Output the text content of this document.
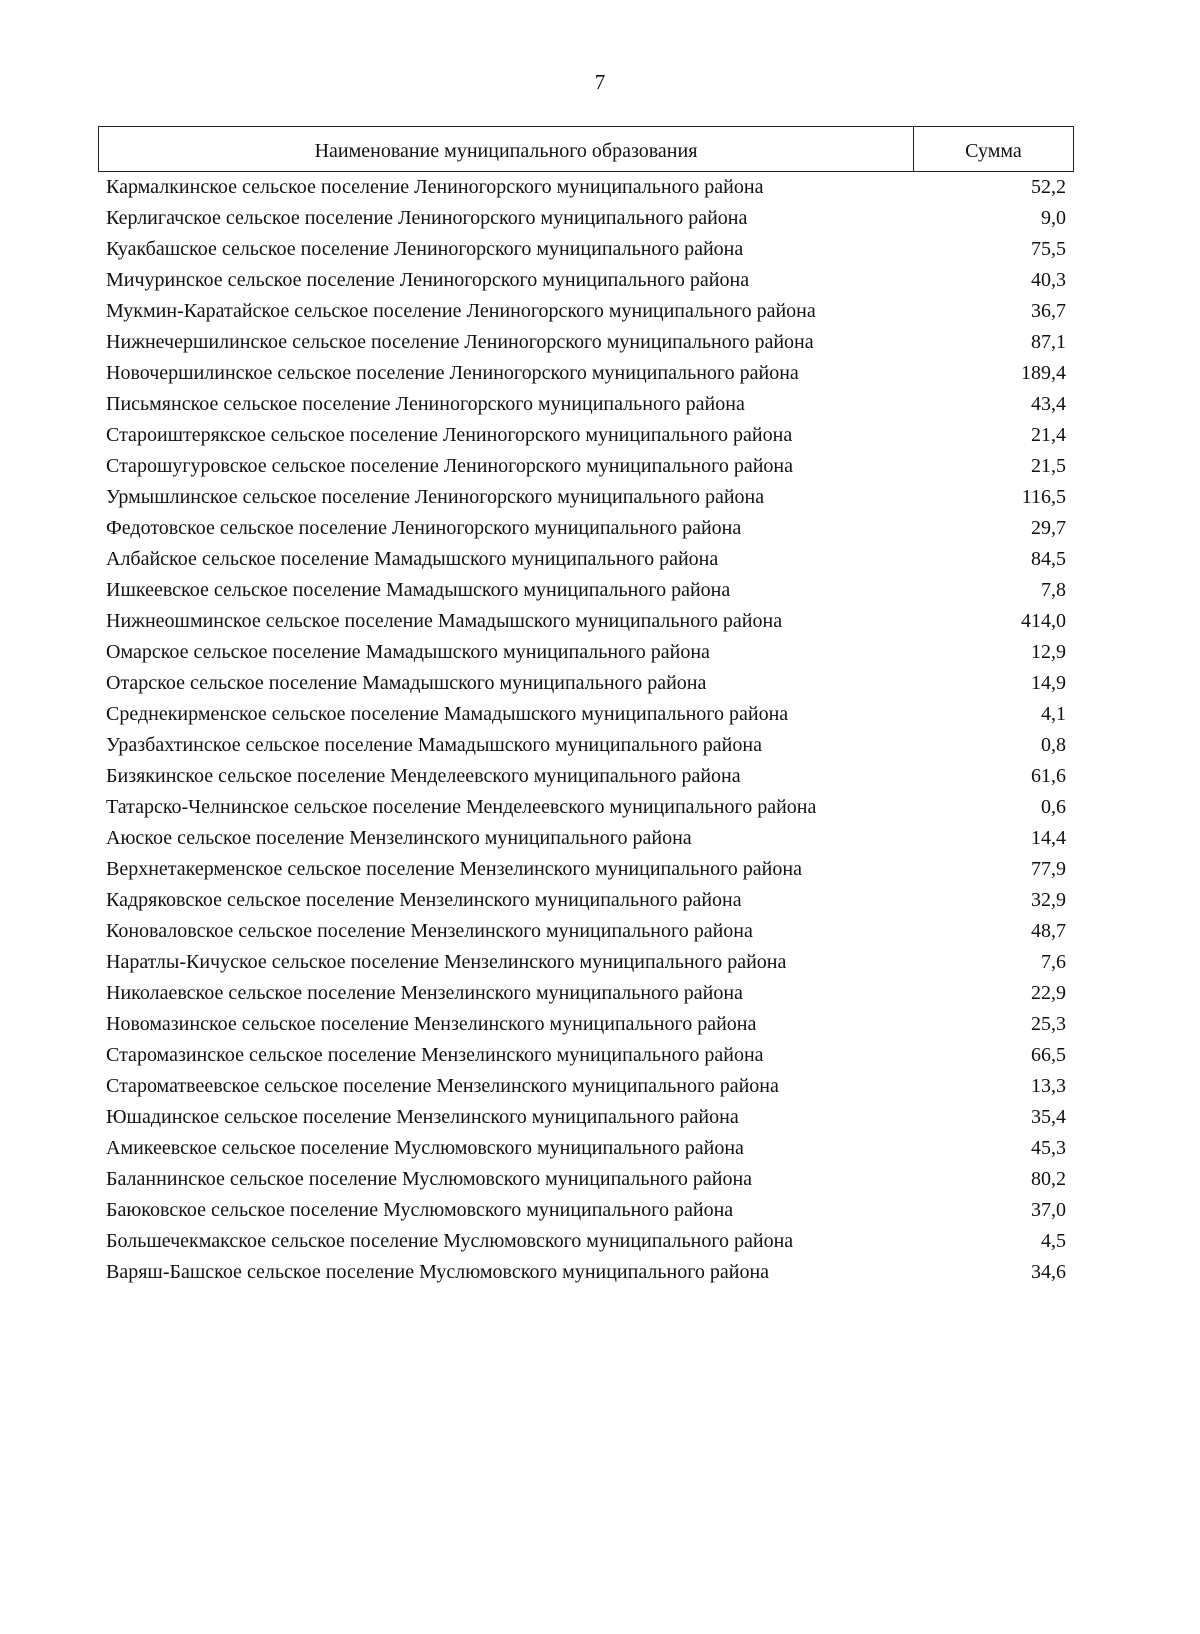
7
Наименование муниципального образования	Сумма
Кармалкинское сельское поселение Лениногорского муниципального района	52,2
Керлигачское сельское поселение Лениногорского муниципального района	9,0
Куакбашское сельское поселение Лениногорского муниципального района	75,5
Мичуринское сельское поселение Лениногорского муниципального района	40,3
Мукмин-Каратайское сельское поселение Лениногорского муниципального района	36,7
Нижнечершилинское сельское поселение Лениногорского муниципального района	87,1
Новочершилинское сельское поселение Лениногорского муниципального района	189,4
Письмянское сельское поселение Лениногорского муниципального района	43,4
Староиштерякское сельское поселение Лениногорского муниципального района	21,4
Старошугуровское сельское поселение Лениногорского муниципального района	21,5
Урмышлинское сельское поселение Лениногорского муниципального района	116,5
Федотовское сельское поселение Лениногорского муниципального района	29,7
Албайское сельское поселение Мамадышского муниципального района	84,5
Ишкеевское сельское поселение Мамадышского муниципального района	7,8
Нижнеошминское сельское поселение Мамадышского муниципального района	414,0
Омарское сельское поселение Мамадышского муниципального района	12,9
Отарское сельское поселение Мамадышского муниципального района	14,9
Среднекирменское сельское поселение Мамадышского муниципального района	4,1
Уразбахтинское сельское поселение Мамадышского муниципального района	0,8
Бизякинское сельское поселение Менделеевского муниципального района	61,6
Татарско-Челнинское сельское поселение Менделеевского муниципального района	0,6
Аюское сельское поселение Мензелинского муниципального района	14,4
Верхнетакерменское сельское поселение Мензелинского муниципального района	77,9
Кадряковское сельское поселение Мензелинского муниципального района	32,9
Коноваловское сельское поселение Мензелинского муниципального района	48,7
Наратлы-Кичуское сельское поселение Мензелинского муниципального района	7,6
Николаевское сельское поселение Мензелинского муниципального района	22,9
Новомазинское сельское поселение Мензелинского муниципального района	25,3
Старомазинское сельское поселение Мензелинского муниципального района	66,5
Староматвеевское сельское поселение Мензелинского муниципального района	13,3
Юшадинское сельское поселение Мензелинского муниципального района	35,4
Амикеевское сельское поселение Муслюмовского муниципального района	45,3
Баланнинское сельское поселение Муслюмовского муниципального района	80,2
Баюковское сельское поселение Муслюмовского муниципального района	37,0
Большечекмакское сельское поселение Муслюмовского муниципального района	4,5
Варяш-Башское сельское поселение Муслюмовского муниципального района	34,6
